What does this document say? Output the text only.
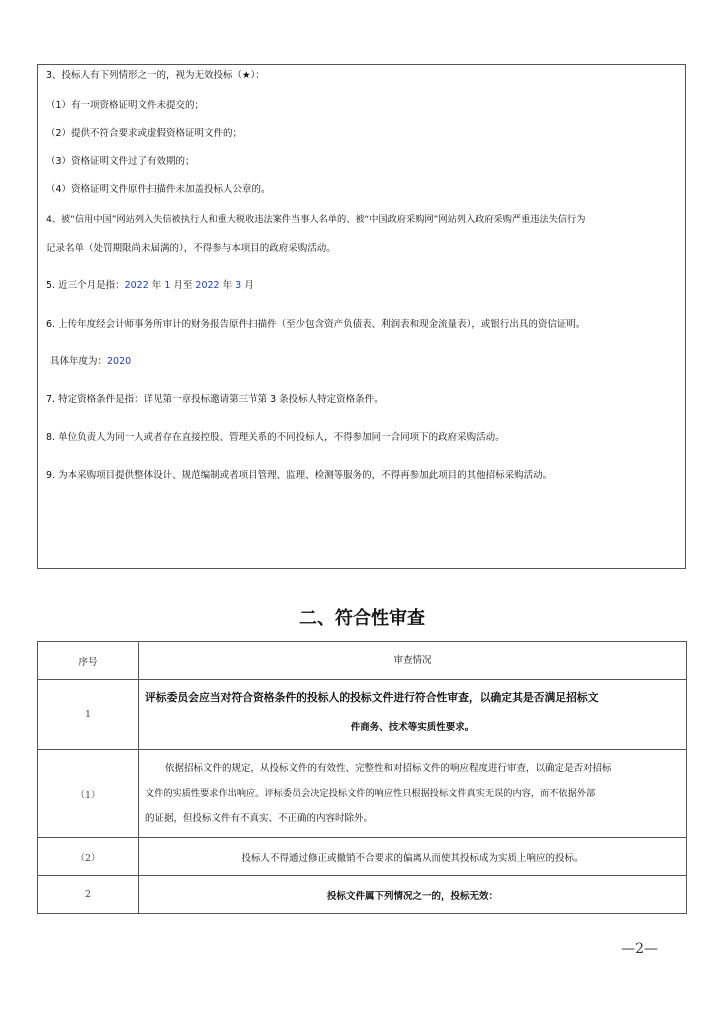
3、投标人有下列情形之一的，视为无效投标（★）：
（1）有一项资格证明文件未提交的；
（2）提供不符合要求或虚假资格证明文件的；
（3）资格证明文件过了有效期的；
（4）资格证明文件原件扫描件未加盖投标人公章的。
4、被“信用中国”网站列入失信被执行人和重大税收违法案件当事人名单的、被“中国政府采购网”网站列入政府采购严重违法失信行为
记录名单（处罚期限尚未届满的），不得参与本项目的政府采购活动。
5. 近三个月是指：2022 年 1 月至 2022 年 3 月
6. 上传年度经会计师事务所审计的财务报告原件扫描件（至少包含资产负债表、利润表和现金流量表），或银行出具的资信证明。
具体年度为：2020
7. 特定资格条件是指：详见第一章投标邀请第三节第 3 条投标人特定资格条件。
8. 单位负责人为同一人或者存在直接控股、管理关系的不同投标人，不得参加同一合同项下的政府采购活动。
9. 为本采购项目提供整体设计、规范编制或者项目管理、监理、检测等服务的，不得再参加此项目的其他招标采购活动。
二、符合性审查
序号	审查情况
1	评标委员会应当对符合资格条件的投标人的投标文件进行符合性审查，以确定其是否满足招标文
件商务、技术等实质性要求。

（1）	依据招标文件的规定，从投标文件的有效性、完整性和对招标文件的响应程度进行审查，以确定是否对招标
文件的实质性要求作出响应。评标委员会决定投标文件的响应性只根据投标文件真实无误的内容，而不依据外部
的证据，但投标文件有不真实、不正确的内容时除外。

（2）	投标人不得通过修正或撤销不合要求的偏离从而使其投标成为实质上响应的投标。
2	投标文件属下列情况之一的，投标无效：
—2—
